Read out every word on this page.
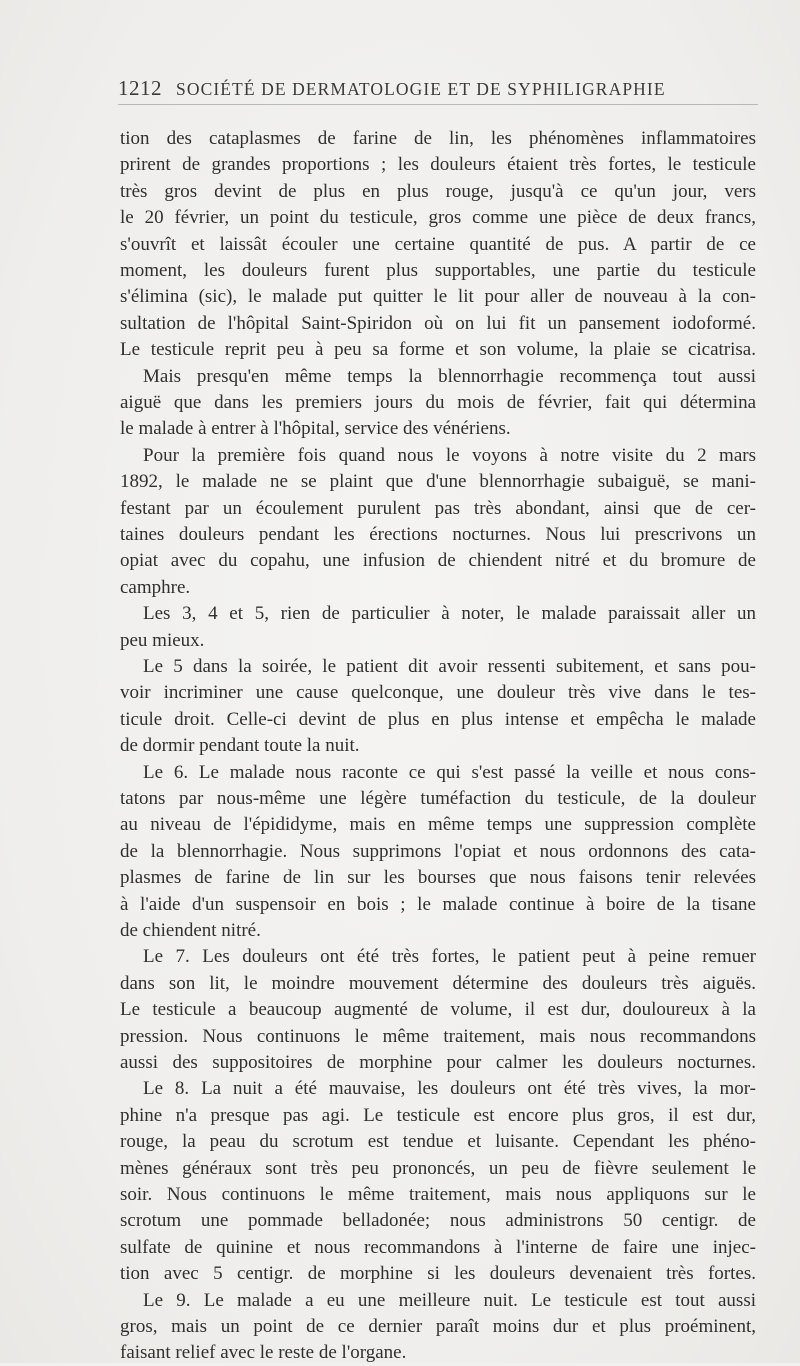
1212 SOCIÉTÉ DE DERMATOLOGIE ET DE SYPHILIGRAPHIE
tion des cataplasmes de farine de lin, les phénomènes inflammatoires
prirent de grandes proportions ; les douleurs étaient très fortes, le testicule
très gros devint de plus en plus rouge, jusqu'à ce qu'un jour, vers
le 20 février, un point du testicule, gros comme une pièce de deux francs,
s'ouvrît et laissât écouler une certaine quantité de pus. A partir de ce
moment, les douleurs furent plus supportables, une partie du testicule
s'élimina (sic), le malade put quitter le lit pour aller de nouveau à la con-
sultation de l'hôpital Saint-Spiridon où on lui fit un pansement iodoformé.
Le testicule reprit peu à peu sa forme et son volume, la plaie se cicatrisa.
Mais presqu'en même temps la blennorrhagie recommença tout aussi
aiguë que dans les premiers jours du mois de février, fait qui détermina
le malade à entrer à l'hôpital, service des vénériens.
Pour la première fois quand nous le voyons à notre visite du 2 mars
1892, le malade ne se plaint que d'une blennorrhagie subaiguë, se mani-
festant par un écoulement purulent pas très abondant, ainsi que de cer-
taines douleurs pendant les érections nocturnes. Nous lui prescrivons un
opiat avec du copahu, une infusion de chiendent nitré et du bromure de
camphre.
Les 3, 4 et 5, rien de particulier à noter, le malade paraissait aller un
peu mieux.
Le 5 dans la soirée, le patient dit avoir ressenti subitement, et sans pou-
voir incriminer une cause quelconque, une douleur très vive dans le tes-
ticule droit. Celle-ci devint de plus en plus intense et empêcha le malade
de dormir pendant toute la nuit.
Le 6. Le malade nous raconte ce qui s'est passé la veille et nous cons-
tatons par nous-même une légère tuméfaction du testicule, de la douleur
au niveau de l'épididyme, mais en même temps une suppression complète
de la blennorrhagie. Nous supprimons l'opiat et nous ordonnons des cata-
plasmes de farine de lin sur les bourses que nous faisons tenir relevées
à l'aide d'un suspensoir en bois ; le malade continue à boire de la tisane
de chiendent nitré.
Le 7. Les douleurs ont été très fortes, le patient peut à peine remuer
dans son lit, le moindre mouvement détermine des douleurs très aiguës.
Le testicule a beaucoup augmenté de volume, il est dur, douloureux à la
pression. Nous continuons le même traitement, mais nous recommandons
aussi des suppositoires de morphine pour calmer les douleurs nocturnes.
Le 8. La nuit a été mauvaise, les douleurs ont été très vives, la mor-
phine n'a presque pas agi. Le testicule est encore plus gros, il est dur,
rouge, la peau du scrotum est tendue et luisante. Cependant les phéno-
mènes généraux sont très peu prononcés, un peu de fièvre seulement le
soir. Nous continuons le même traitement, mais nous appliquons sur le
scrotum une pommade belladonée; nous administrons 50 centigr. de
sulfate de quinine et nous recommandons à l'interne de faire une injec-
tion avec 5 centigr. de morphine si les douleurs devenaient très fortes.
Le 9. Le malade a eu une meilleure nuit. Le testicule est tout aussi
gros, mais un point de ce dernier paraît moins dur et plus proéminent,
faisant relief avec le reste de l'organe.
